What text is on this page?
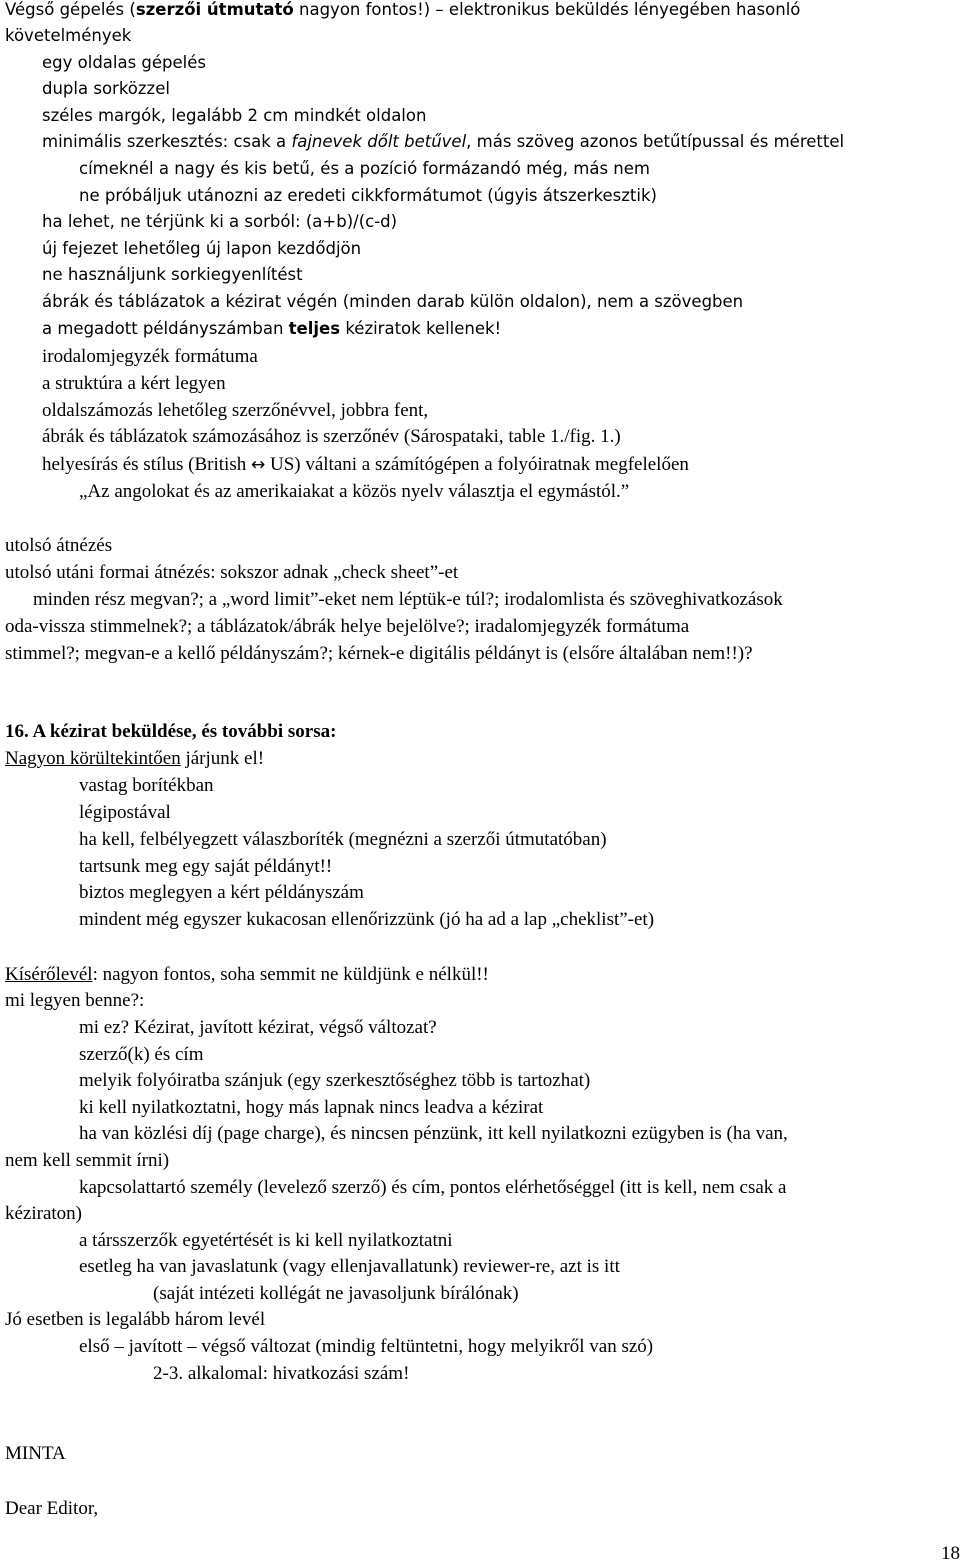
Végső gépelés (szerzői útmutató nagyon fontos!) – elektronikus beküldés lényegében hasonló
követelmények
egy oldalas gépelés
dupla sorközzel
széles margók, legalább 2 cm mindkét oldalon
minimális szerkesztés: csak a fajnevek dőlt betűvel, más szöveg azonos betűtípussal és mérettel
címeknél a nagy és kis betű, és a pozíció formázandó még, más nem
ne próbáljuk utánozni az eredeti cikkformátumot (úgyis átszerkesztik)
ha lehet, ne térjünk ki a sorból: (a+b)/(c-d)
új fejezet lehetőleg új lapon kezdődjön
ne használjunk sorkiegyenlítést
ábrák és táblázatok a kézirat végén (minden darab külön oldalon), nem a szövegben
a megadott példányszámban teljes kéziratok kellenek!
irodalomjegyzék formátuma
a struktúra a kért legyen
oldalszámozás lehetőleg szerzőnévvel, jobbra fent,
ábrák és táblázatok számozásához is szerzőnév (Sárospataki, table 1./fig. 1.)
helyesírás és stílus (British ↔ US) váltani a számítógépen a folyóiratnak megfelelően
„Az angolokat és az amerikaiakat a közös nyelv választja el egymástól.”
utolsó átnézés
utolsó utáni formai átnézés: sokszor adnak „check sheet”-et
minden rész megvan?; a „word limit”-eket nem léptük-e túl?; irodalomlista és szöveghivatkozások
oda-vissza stimmelnek?; a táblázatok/ábrák helye bejelölve?; iradalomjegyzék formátuma
stimmel?; megvan-e a kellő példányszám?; kérnek-e digitális példányt is (elsőre általában nem!!)?
16. A kézirat beküldése, és további sorsa:
Nagyon körültekintően járjunk el!
vastag borítékban
légipostával
ha kell, felbélyegzett válaszboríték (megnézni a szerzői útmutatóban)
tartsunk meg egy saját példányt!!
biztos meglegyen a kért példányszám
mindent még egyszer kukacosan ellenőrizzünk (jó ha ad a lap „cheklist”-et)
Kísérőlevél: nagyon fontos, soha semmit ne küldjünk e nélkül!!
mi legyen benne?:
mi ez? Kézirat, javított kézirat, végső változat?
szerző(k) és cím
melyik folyóiratba szánjuk (egy szerkesztőséghez több is tartozhat)
ki kell nyilatkoztatni, hogy más lapnak nincs leadva a kézirat
ha van közlési díj (page charge), és nincsen pénzünk, itt kell nyilatkozni ezügyben is (ha van,
nem kell semmit írni)
kapcsolattartó személy (levelező szerző) és cím, pontos elérhetőséggel (itt is kell, nem csak a
kéziraton)
a társszerzők egyetértését is ki kell nyilatkoztatni
esetleg ha van javaslatunk (vagy ellenjavallatunk) reviewer-re, azt is itt
(saját intézeti kollégát ne javasoljunk bírálónak)
Jó esetben is legalább három levél
első – javított – végső változat (mindig feltüntetni, hogy melyikről van szó)
2-3. alkalomal: hivatkozási szám!
MINTA
Dear Editor,
18
